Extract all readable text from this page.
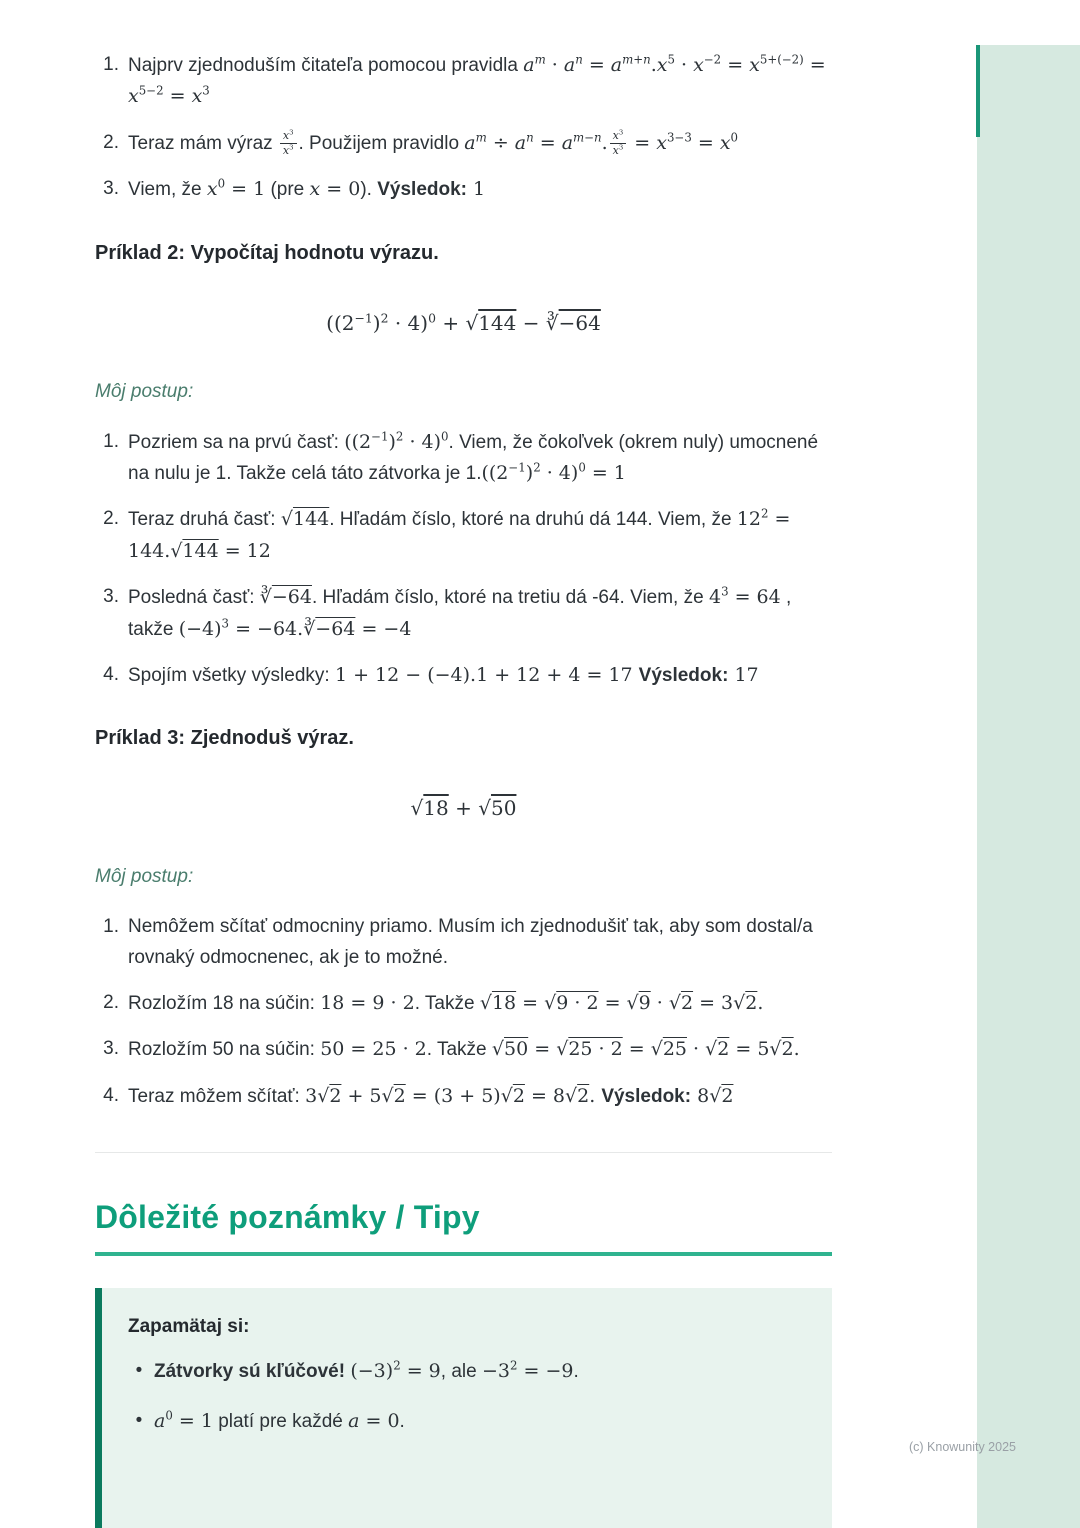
1. Najprv zjednoduším čitateľa pomocou pravidla $a^m \cdot a^n = a^{m+n}.x^5 \cdot x^{-2} = x^{5+(-2)} = x^{5-2} = x^3$
2. Teraz mám výraz $\frac{x^3}{x^3}$ . Použijem pravidlo $a^m \div a^n = a^{m-n}$. $\frac{x^3}{x^3} = x^{3-3} = x^0$
3. Viem, že $x^0 = 1$ (pre x = 0). Výsledok: 1
Príklad 2: Vypočítaj hodnotu výrazu.
$((2^{-1})^2 \cdot 4)^0 + √144$ − ∛−64

Môj postup:

1. Pozriem sa na prvú časť: $((2^{-1})^2 \cdot 4)^0$. Viem, že čokoľvek (okrem nuly) umocnené na nulu je 1. Takže celá táto zátvorka je $1.((2^{-1})^2 \cdot 4)^0 = 1$
2. Teraz druhá časť: √144. Hľadám číslo, ktoré na druhú dá 144. Viem, že $12^2 = 144.√144 = 12$
3. Posledná časť: ∛−64. Hľadám číslo, ktoré na tretiu dá -64. Viem, že $4^3 = 64$ , takže $(-4)^3$ = −64.∛−64 = −4
4. Spojím všetky výsledky: 1 + 12 − (−4).1 + 12 + 4 = 17 Výsledok: 17
Príklad 3: Zjednoduš výraz.
√18 + √50

Môj postup:

1. Nemôžem sčítať odmocniny priamo. Musím ich zjednodušiť tak, aby som dostal/a rovnaký odmocnenec, ak je to možné.
2. Rozložím 18 na súčin: 18 = 9 · 2. Takže √18 = √9 · 2 = √9 · √2 = 3√2.
3. Rozložím 50 na súčin: 50 = 25 · 2. Takže √50 = √25 · 2 = √25 · √2 = 5√2.
4. Teraz môžem sčítať: 3√2 + 5√2 = (3 + 5)√2 = 8√2. Výsledok: 8√2
Dôležité poznámky / Tipy

Zapamätaj si:

• Zátvorky sú kľúčové! $(-3)^2 = 9$, ale $-3^2 = -9$.
• $a^0 = 1$ platí pre každé a = 0.
(c) Knowunity 2025
